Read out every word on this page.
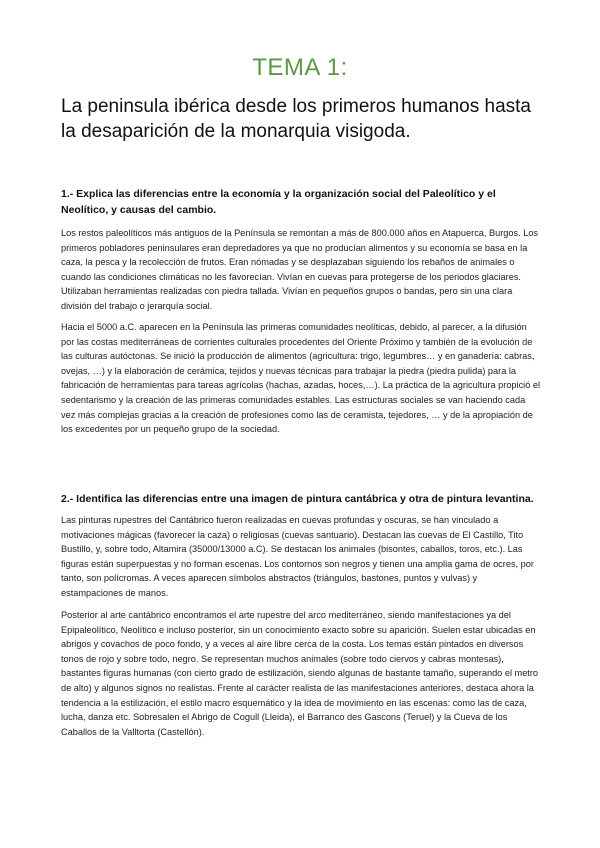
TEMA 1:
La peninsula ibérica desde los primeros humanos hasta la desaparición de la monarquia visigoda.

1.- Explica las diferencias entre la economía y la organización social del Paleolítico y el Neolítico, y causas del cambio.

Los restos paleolíticos más antiguos de la Península se remontan a más de 800.000 años en Atapuerca, Burgos. Los primeros pobladores peninsulares eran depredadores ya que no producían alimentos y su economía se basa en la caza, la pesca y la recolección de frutos. Eran nómadas y se desplazaban siguiendo los rebaños de animales o cuando las condiciones climáticas no les favorecían. Vivían en cuevas para protegerse de los periodos glaciares. Utilizaban herramientas realizadas con piedra tallada. Vivían en pequeños grupos o bandas, pero sin una clara división del trabajo o jerarquía social.

Hacia el 5000 a.C. aparecen en la Península las primeras comunidades neolíticas, debido, al parecer, a la difusión por las costas mediterráneas de corrientes culturales procedentes del Oriente Próximo y también de la evolución de las culturas autóctonas. Se inició la producción de alimentos (agricultura: trigo, legumbres… y en ganadería: cabras, ovejas, …) y la elaboración de cerámica, tejidos y nuevas técnicas para trabajar la piedra (piedra pulida) para la fabricación de herramientas para tareas agrícolas (hachas, azadas, hoces,…). La práctica de la agricultura propició el sedentarismo y la creación de las primeras comunidades estables. Las estructuras sociales se van haciendo cada vez más complejas gracias a la creación de profesiones como las de ceramista, tejedores, … y de la apropiación de los excedentes por un pequeño grupo de la sociedad.

2.- Identifica las diferencias entre una imagen de pintura cantábrica y otra de pintura levantina.

Las pinturas rupestres del Cantábrico fueron realizadas en cuevas profundas y oscuras, se han vinculado a motivaciones mágicas (favorecer la caza) o religiosas (cuevas santuario). Destacan las cuevas de El Castillo, Tito Bustillo, y, sobre todo, Altamira (35000/13000 a.C). Se destacan los animales (bisontes, caballos, toros, etc.). Las figuras están superpuestas y no forman escenas. Los contornos son negros y tienen una amplia gama de ocres, por tanto, son polícromas. A veces aparecen símbolos abstractos (triángulos, bastones, puntos y vulvas) y estampaciones de manos.

Posterior al arte cantábrico encontramos el arte rupestre del arco mediterráneo, siendo manifestaciones ya del Epipaleolítico, Neolítico e incluso posterior, sin un conocimiento exacto sobre su aparición. Suelen estar ubicadas en abrigos y covachos de poco fondo, y a veces al aire libre cerca de la costa. Los temas están pintados en diversos tonos de rojo y sobre todo, negro. Se representan muchos animales (sobre todo ciervos y cabras montesas), bastantes figuras humanas (con cierto grado de estilización, siendo algunas de bastante tamaño, superando el metro de alto) y algunos signos no realistas. Frente al carácter realista de las manifestaciones anteriores, destaca ahora la tendencia a la estilización, el estilo macro esquemático y la idea de movimiento en las escenas: como las de caza, lucha, danza etc. Sobresalen el Abrigo de Cogull (Lleida), el Barranco des Gascons (Teruel) y la Cueva de los Caballos de la Valltorta (Castellón).
